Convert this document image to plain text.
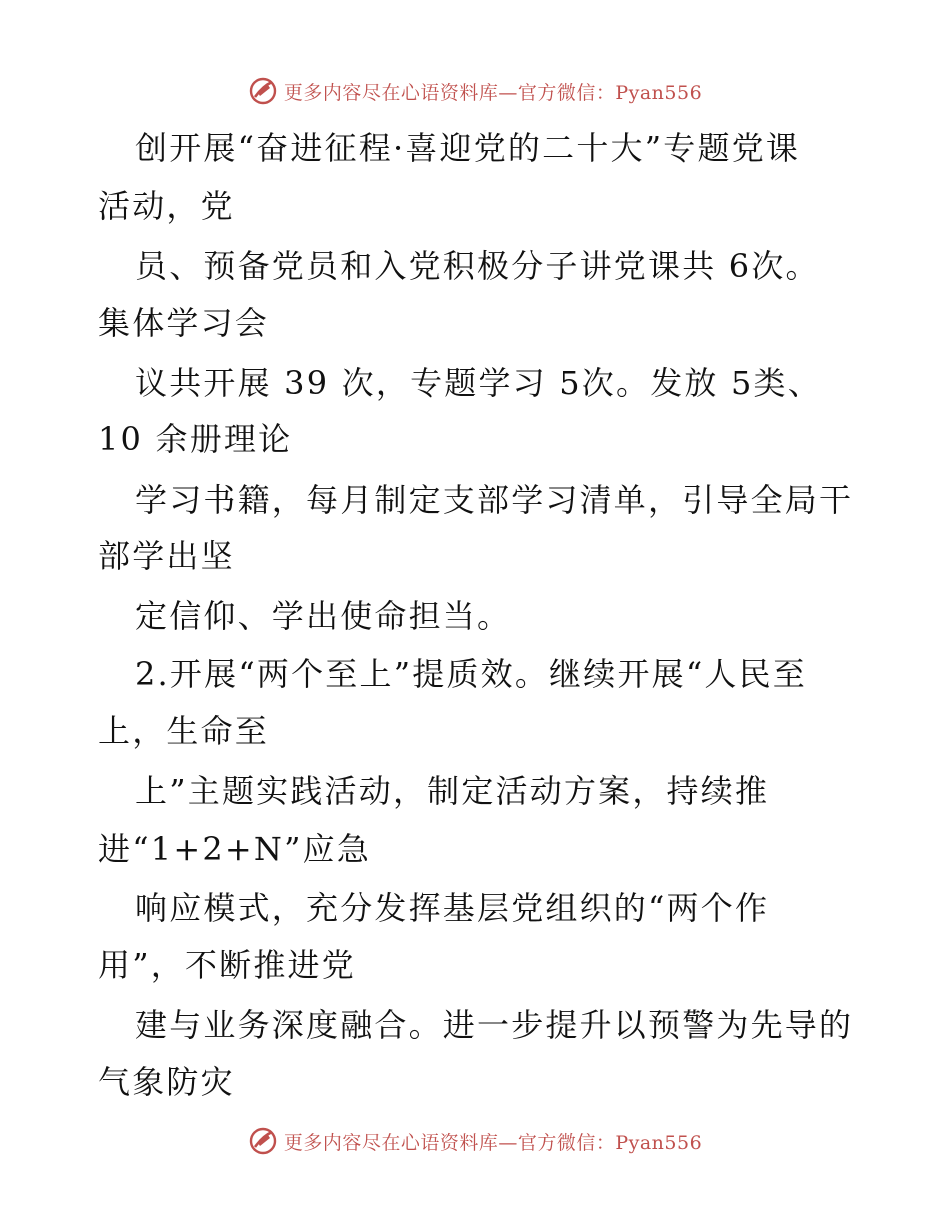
更多内容尽在心语资料库—官方微信：Pyan556
创开展“奋进征程·喜迎党的二十大”专题党课
活动，党
员、预备党员和入党积极分子讲党课共 6次。
集体学习会
议共开展 39 次，专题学习 5次。发放 5类、
10 余册理论
学习书籍，每月制定支部学习清单，引导全局干
部学出坚
定信仰、学出使命担当。
2.开展“两个至上”提质效。继续开展“人民至
上，生命至
上”主题实践活动，制定活动方案，持续推
进“1+2+N”应急
响应模式，充分发挥基层党组织的“两个作
用”，不断推进党
建与业务深度融合。进一步提升以预警为先导的
气象防灾
更多内容尽在心语资料库—官方微信：Pyan556
